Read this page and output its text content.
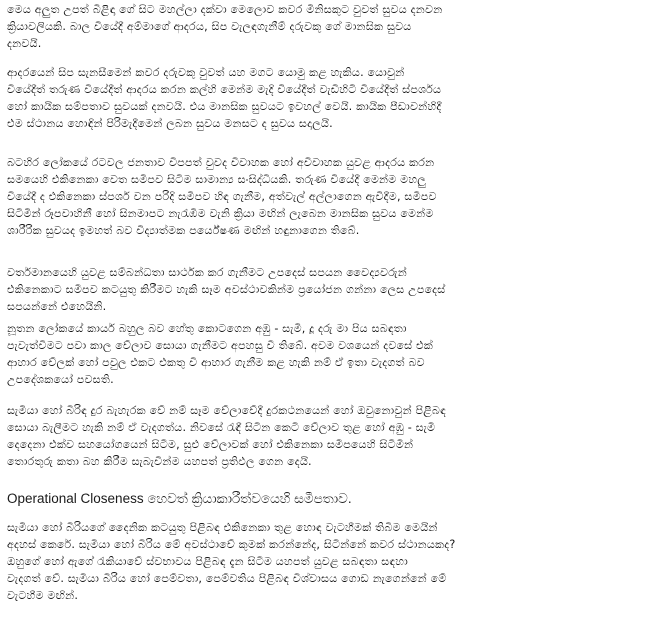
මෙය අලුත උපත් බිළිඳා ගේ සිට මහල්ලා දක්වා මෙලොව කවර මිනිසකුට වුවත් සුවය දනවන
ක්‍රියාවලියකි. බාල වියේදී අම්මාගේ ආදරය, සිප වැලඳගැනීම් දරුවකු ගේ මානසික සුවය
දනවයි.
ආදරයෙන් සිප සැනසීමෙන් කවර දරුවකු වුවත් යහ මගට යොමු කළ හැකිය. යොවුන්
වියේදීත් තරුණ වියේදීත් ආදරය කරන කල්හි මෙන්ම මැදි වියේදීත් වැඩිහිටි වියේදීත් ස්පර්ශය
හෝ කායික සම්පතාව සුවයක් දනවයි. එය මානසික සුවයට ඉවහල් වෙයි. කායික පීඩාවන්හිදී
එම ස්ථානය හොඳින් පිරිමැදීමෙන් ලබන සුවය මනසට ද සුවය සදාලයි.
බටහිර ලෝකයේ රටවල ජනතාව විපපත් වුවද විවාහක හෝ අවිවාහක යුවළ ආදරය කරන
සමයෙහි එකිනෙකා වෙත සමීපව සිටීම සාමාන්‍ය සංසිද්ධියකි. තරුණ වියේදී මෙන්ම මහලු
වියේදී ද එකිනෙකා ස්පර්ශ වන පරිදි සමීපව හිඳ ගැනීම, අත්වැල් අල්ලාගෙන ඇවිදීම, සමීපව
සිටීමින් රූපවාහිනී හෝ සිනමාපට නැරැඹීම වැනි ක්‍රියා මඟින් ලැබෙන මානසික සුවය මෙන්ම
ශාරීරික සුවයද ඉමහත් බව විද්‍යාත්මක පර්යේෂණ මඟින් හඳුනාගෙන තිබේ.
වර්තමානයෙහි යුවළ සම්බන්ධතා සාර්ථක කර ගැනීමට උපදෙස් සපයන වෛද්‍යවරුන්
එකිනෙකාට සමීපව කටයුතු කිරීමට හැකි සෑම අවස්ථාවකින්ම ප්‍රයෝජන ගන්නා ලෙස උපදෙස්
සපයන්නේ එහෙයිනි.
නූතන ලෝකයේ කාර්ය බහුල බව හේතු කොටගෙන අඹු - සැමි, දූ දරු මා පිය සබඳතා
පැවැත්වීමට පවා කාල වේලාව සොයා ගැනීමට අපහසු වී තිබේ. අවම වශයෙන් දවසේ එක්
ආහාර වේලක් හෝ පවුල එකට එකතු වී ආහාර ගැනීම කළ හැකි නම් ඒ ඉතා වැදගත් බව
උපදේශකයෝ පවසති.
සැමියා හෝ බිරිඳ දුර බැහැරක වේ නම් සෑම වේලාවේදී දුරකථනයෙන් හෝ ඔවුනොවුන් පිළිබඳ
සොයා බැලීමට හැකි නම් ඒ වැදගත්ය. නිවසේ රැඳී සිටින කෙටි වේලාව තුළ හෝ අඹු - සැමි
දෙදෙනා එක්ව සහයෝගයෙන් සිටීම, සුළු වේලාවක් හෝ එකිනෙකා සමීපයෙහි සිටීමින්
තොරතුරු කතා බහ කිරීම සැබැවින්ම යහපත් ප්‍රතිඵල ගෙන දෙයි.
Operational Closeness හෙවත් ක්‍රියාකාරීත්වයෙහි සමීපතාව.
සැමියා හෝ බිරියගේ දෛනික කටයුතු පිළිබඳ එකිනෙකා තුළ හොඳ වැටහීමක් තිබීම මෙයින්
අදහස් කෙරේ. සැමියා හෝ බිරිය මේ අවස්ථාවේ කුමක් කරන්නේද, සිටින්නේ කවර ස්ථානයකද?
ඔහුගේ හෝ ඇගේ රැකියාවේ ස්වභාවය පිළිබඳ දැන සිටීම යහපත් යුවළ සබඳතා සඳහා
වැදගත් වේ. සැමියා බිරිය හෝ පෙම්වතා, පෙම්වතිය පිළිබඳ විශ්වාසය ගොඩ නැගෙන්නේ මේ
වැටහීම මඟින්.
